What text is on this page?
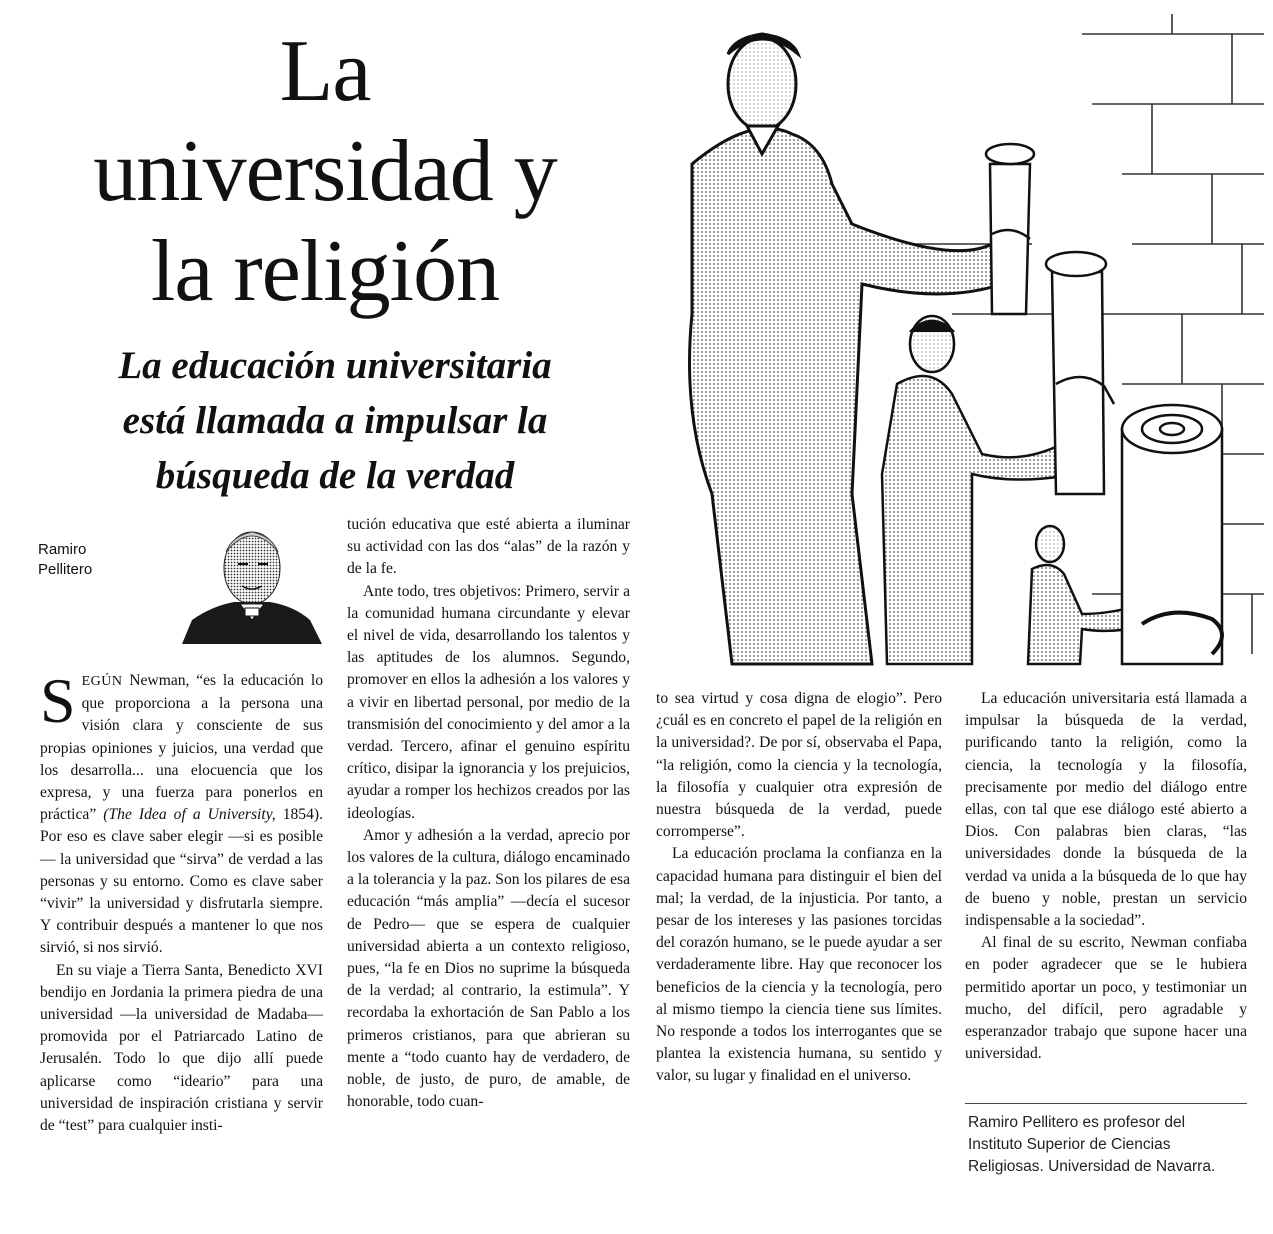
La
universidad y
la religión
La educación universitaria
está llamada a impulsar la
búsqueda de la verdad
Ramiro
Pellitero

SEGÚN Newman, “es la educación lo que proporciona a la persona una visión clara y consciente de sus propias opiniones y juicios, una verdad que los desarrolla... una elocuencia que los expresa, y una fuerza para ponerlos en práctica” (The Idea of a University, 1854). Por eso es clave saber elegir —si es posible— la universidad que “sirva” de verdad a las personas y su entorno. Como es clave saber “vivir” la universidad y disfrutarla siempre. Y contribuir después a mantener lo que nos sirvió, si nos sirvió.

En su viaje a Tierra Santa, Benedicto XVI bendijo en Jordania la primera piedra de una universidad —la universidad de Madaba— promovida por el Patriarcado Latino de Jerusalén. Todo lo que dijo allí puede aplicarse como “ideario” para una universidad de inspiración cristiana y servir de “test” para cualquier insti-

tución educativa que esté abierta a iluminar su actividad con las dos “alas” de la razón y de la fe.

Ante todo, tres objetivos: Primero, servir a la comunidad humana circundante y elevar el nivel de vida, desarrollando los talentos y las aptitudes de los alumnos. Segundo, promover en ellos la adhesión a los valores y a vivir en libertad personal, por medio de la transmisión del conocimiento y del amor a la verdad. Tercero, afinar el genuino espíritu crítico, disipar la ignorancia y los prejuicios, ayudar a romper los hechizos creados por las ideologías.

Amor y adhesión a la verdad, aprecio por los valores de la cultura, diálogo encaminado a la tolerancia y la paz. Son los pilares de esa educación “más amplia” —decía el sucesor de Pedro— que se espera de cualquier universidad abierta a un contexto religioso, pues, “la fe en Dios no suprime la búsqueda de la verdad; al contrario, la estimula”. Y recordaba la exhortación de San Pablo a los primeros cristianos, para que abrieran su mente a “todo cuanto hay de verdadero, de noble, de justo, de puro, de amable, de honorable, todo cuan-

to sea virtud y cosa digna de elogio”. Pero ¿cuál es en concreto el papel de la religión en la universidad?. De por sí, observaba el Papa, “la religión, como la ciencia y la tecnología, la filosofía y cualquier otra expresión de nuestra búsqueda de la verdad, puede corromperse”.

La educación proclama la confianza en la capacidad humana para distinguir el bien del mal; la verdad, de la injusticia. Por tanto, a pesar de los intereses y las pasiones torcidas del corazón humano, se le puede ayudar a ser verdaderamente libre. Hay que reconocer los beneficios de la ciencia y la tecnología, pero al mismo tiempo la ciencia tiene sus límites. No responde a todos los interrogantes que se plantea la existencia humana, su sentido y valor, su lugar y finalidad en el universo.

La educación universitaria está llamada a impulsar la búsqueda de la verdad, purificando tanto la religión, como la ciencia, la tecnología y la filosofía, precisamente por medio del diálogo entre ellas, con tal que ese diálogo esté abierto a Dios. Con palabras bien claras, “las universidades donde la búsqueda de la verdad va unida a la búsqueda de lo que hay de bueno y noble, prestan un servicio indispensable a la sociedad”.

Al final de su escrito, Newman confiaba en poder agradecer que se le hubiera permitido aportar un poco, y testimoniar un mucho, del difícil, pero agradable y esperanzador trabajo que supone hacer una universidad.

Ramiro Pellitero es profesor del Instituto Superior de Ciencias Religiosas. Universidad de Navarra.
